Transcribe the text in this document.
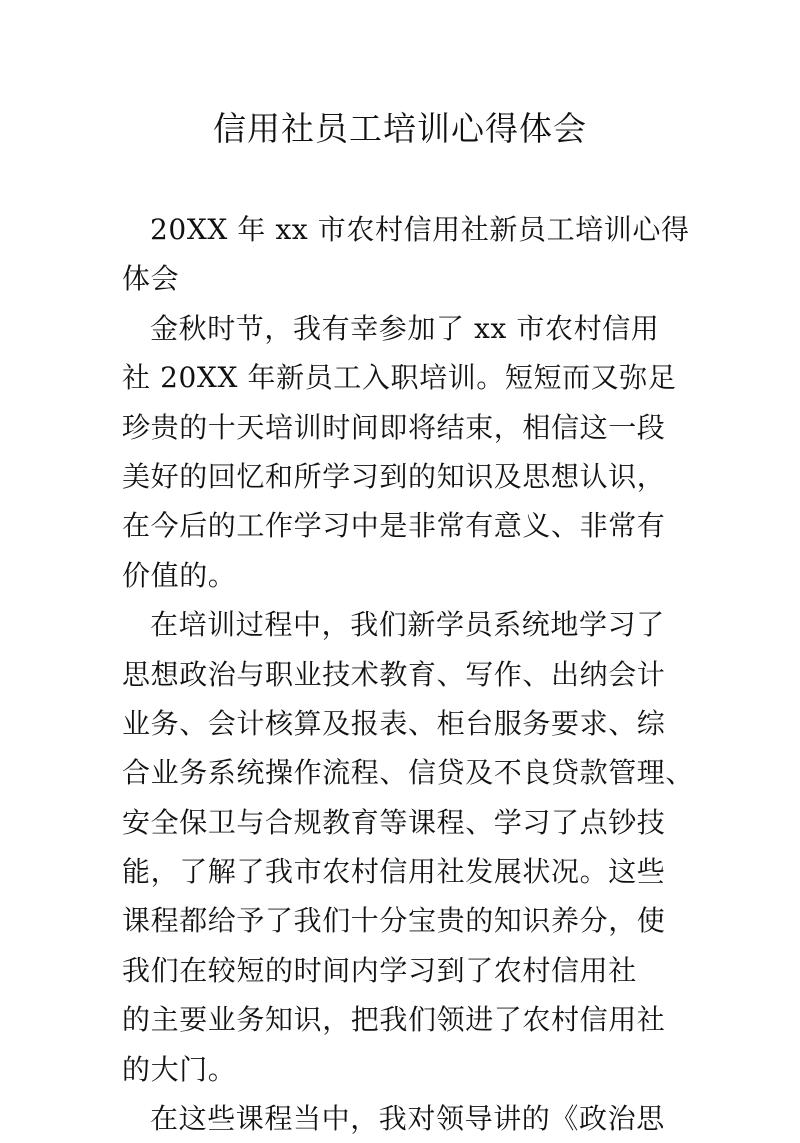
信用社员工培训心得体会
20XX 年 xx 市农村信用社新员工培训心得
体会
金秋时节，我有幸参加了 xx 市农村信用
社 20XX 年新员工入职培训。短短而又弥足
珍贵的十天培训时间即将结束，相信这一段
美好的回忆和所学习到的知识及思想认识，
在今后的工作学习中是非常有意义、非常有
价值的。
在培训过程中，我们新学员系统地学习了
思想政治与职业技术教育、写作、出纳会计
业务、会计核算及报表、柜台服务要求、综
合业务系统操作流程、信贷及不良贷款管理、
安全保卫与合规教育等课程、学习了点钞技
能，了解了我市农村信用社发展状况。这些
课程都给予了我们十分宝贵的知识养分，使
我们在较短的时间内学习到了农村信用社
的主要业务知识，把我们领进了农村信用社
的大门。
在这些课程当中，我对领导讲的《政治思
